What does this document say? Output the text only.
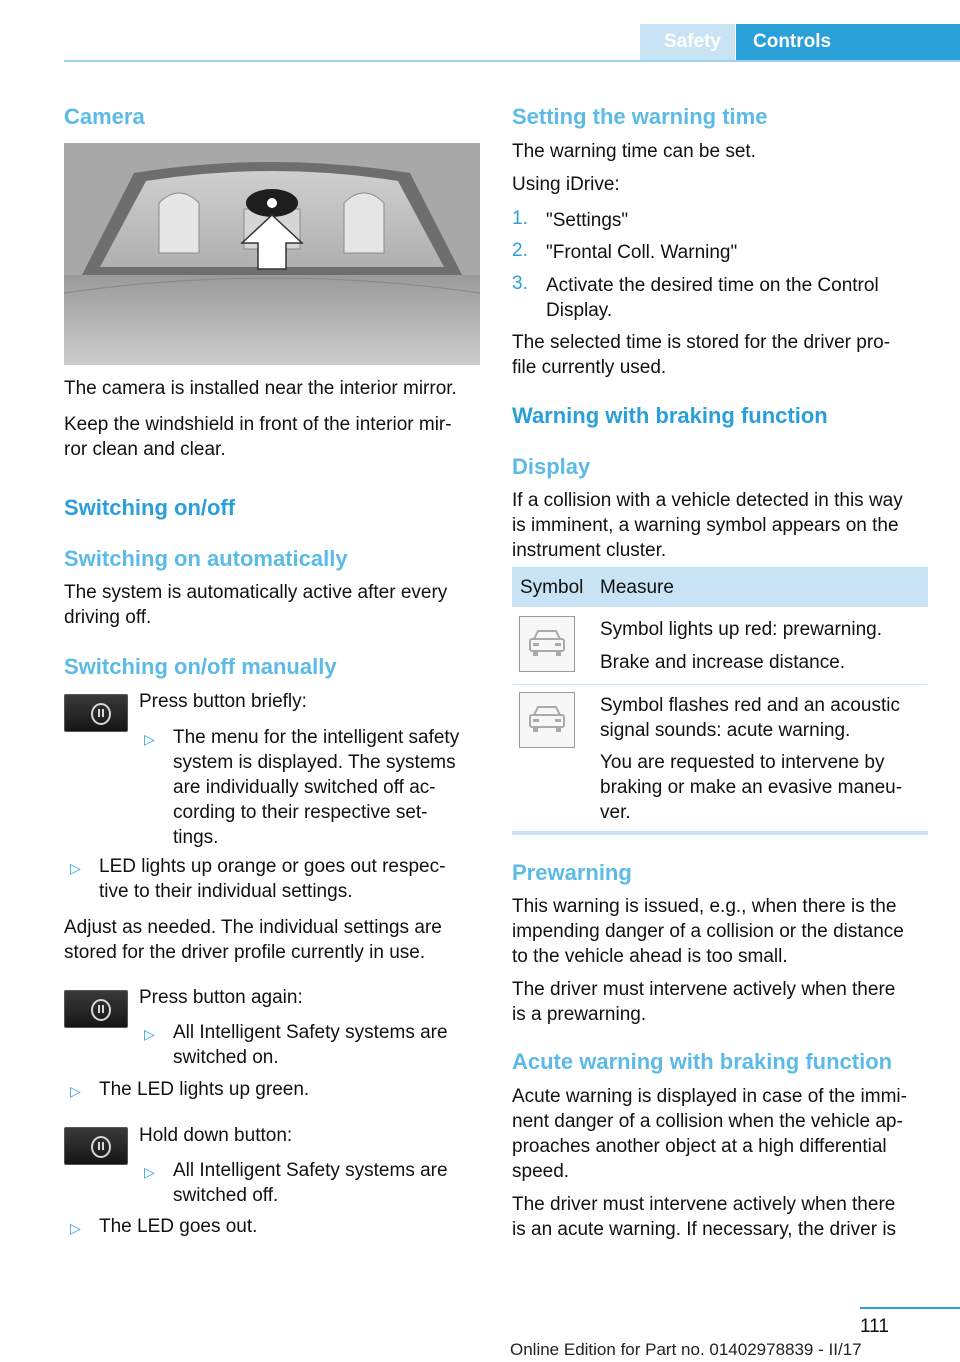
Safety	Controls
Camera
The camera is installed near the interior mirror.
Keep the windshield in front of the interior mir-
ror clean and clear.
Switching on/off
Switching on automatically
The system is automatically active after every
driving off.
Switching on/off manually
Press button briefly:
▷ The menu for the intelligent safety
system is displayed. The systems
are individually switched off ac-
cording to their respective set-
tings.
▷ LED lights up orange or goes out respec-
tive to their individual settings.
Adjust as needed. The individual settings are
stored for the driver profile currently in use.
Press button again:
▷ All Intelligent Safety systems are
switched on.
▷ The LED lights up green.
Hold down button:
▷ All Intelligent Safety systems are
switched off.
▷ The LED goes out.
Setting the warning time
The warning time can be set.
Using iDrive:
1. "Settings"
2. "Frontal Coll. Warning"
3. Activate the desired time on the Control
Display.
The selected time is stored for the driver pro-
file currently used.
Warning with braking function
Display
If a collision with a vehicle detected in this way
is imminent, a warning symbol appears on the
instrument cluster.
Symbol Measure
Symbol lights up red: prewarning.
Brake and increase distance.
Symbol flashes red and an acoustic
signal sounds: acute warning.
You are requested to intervene by
braking or make an evasive maneu-
ver.
Prewarning
This warning is issued, e.g., when there is the
impending danger of a collision or the distance
to the vehicle ahead is too small.
The driver must intervene actively when there
is a prewarning.
Acute warning with braking function
Acute warning is displayed in case of the immi-
nent danger of a collision when the vehicle ap-
proaches another object at a high differential
speed.
The driver must intervene actively when there
is an acute warning. If necessary, the driver is
111
Online Edition for Part no. 01402978839 - II/17
